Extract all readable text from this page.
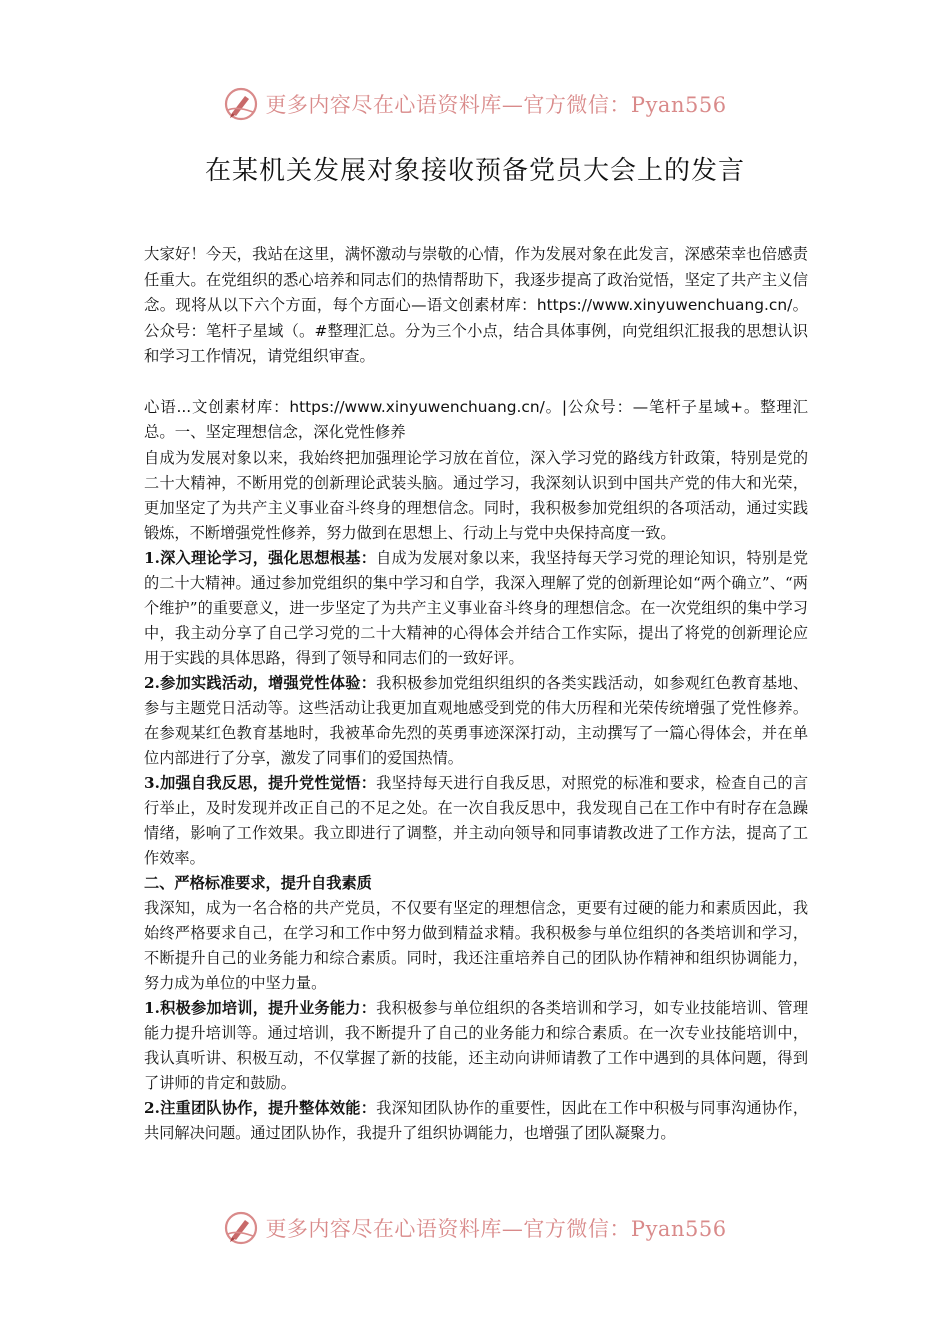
更多内容尽在心语资料库—官方微信：Pyan556
在某机关发展对象接收预备党员大会上的发言

大家好！今天，我站在这里，满怀激动与崇敬的心情，作为发展对象在此发言，深感荣幸也倍感责任重大。在党组织的悉心培养和同志们的热情帮助下，我逐步提高了政治觉悟，坚定了共产主义信念。现将从以下六个方面，每个方面心—语文创素材库：https://www.xinyuwenchuang.cn/。公众号：笔杆子星域（。#整理汇总。分为三个小点，结合具体事例，向党组织汇报我的思想认识和学习工作情况，请党组织审查。

心语...文创素材库：https://www.xinyuwenchuang.cn/。|公众号：—笔杆子星域+。整理汇总。一、坚定理想信念，深化党性修养

自成为发展对象以来，我始终把加强理论学习放在首位，深入学习党的路线方针政策，特别是党的二十大精神，不断用党的创新理论武装头脑。通过学习，我深刻认识到中国共产党的伟大和光荣，更加坚定了为共产主义事业奋斗终身的理想信念。同时，我积极参加党组织的各项活动，通过实践锻炼，不断增强党性修养，努力做到在思想上、行动上与党中央保持高度一致。

1.深入理论学习，强化思想根基：自成为发展对象以来，我坚持每天学习党的理论知识，特别是党的二十大精神。通过参加党组织的集中学习和自学，我深入理解了党的创新理论如“两个确立”、“两个维护”的重要意义，进一步坚定了为共产主义事业奋斗终身的理想信念。在一次党组织的集中学习中，我主动分享了自己学习党的二十大精神的心得体会并结合工作实际，提出了将党的创新理论应用于实践的具体思路，得到了领导和同志们的一致好评。

2.参加实践活动，增强党性体验：我积极参加党组织组织的各类实践活动，如参观红色教育基地、参与主题党日活动等。这些活动让我更加直观地感受到党的伟大历程和光荣传统增强了党性修养。在参观某红色教育基地时，我被革命先烈的英勇事迹深深打动，主动撰写了一篇心得体会，并在单位内部进行了分享，激发了同事们的爱国热情。

3.加强自我反思，提升党性觉悟：我坚持每天进行自我反思，对照党的标准和要求，检查自己的言行举止，及时发现并改正自己的不足之处。在一次自我反思中，我发现自己在工作中有时存在急躁情绪，影响了工作效果。我立即进行了调整，并主动向领导和同事请教改进了工作方法，提高了工作效率。

二、严格标准要求，提升自我素质

我深知，成为一名合格的共产党员，不仅要有坚定的理想信念，更要有过硬的能力和素质因此，我始终严格要求自己，在学习和工作中努力做到精益求精。我积极参与单位组织的各类培训和学习，不断提升自己的业务能力和综合素质。同时，我还注重培养自己的团队协作精神和组织协调能力，努力成为单位的中坚力量。

1.积极参加培训，提升业务能力：我积极参与单位组织的各类培训和学习，如专业技能培训、管理能力提升培训等。通过培训，我不断提升了自己的业务能力和综合素质。在一次专业技能培训中，我认真听讲、积极互动，不仅掌握了新的技能，还主动向讲师请教了工作中遇到的具体问题，得到了讲师的肯定和鼓励。

2.注重团队协作，提升整体效能：我深知团队协作的重要性，因此在工作中积极与同事沟通协作，共同解决问题。通过团队协作，我提升了组织协调能力，也增强了团队凝聚力。

更多内容尽在心语资料库—官方微信：Pyan556
